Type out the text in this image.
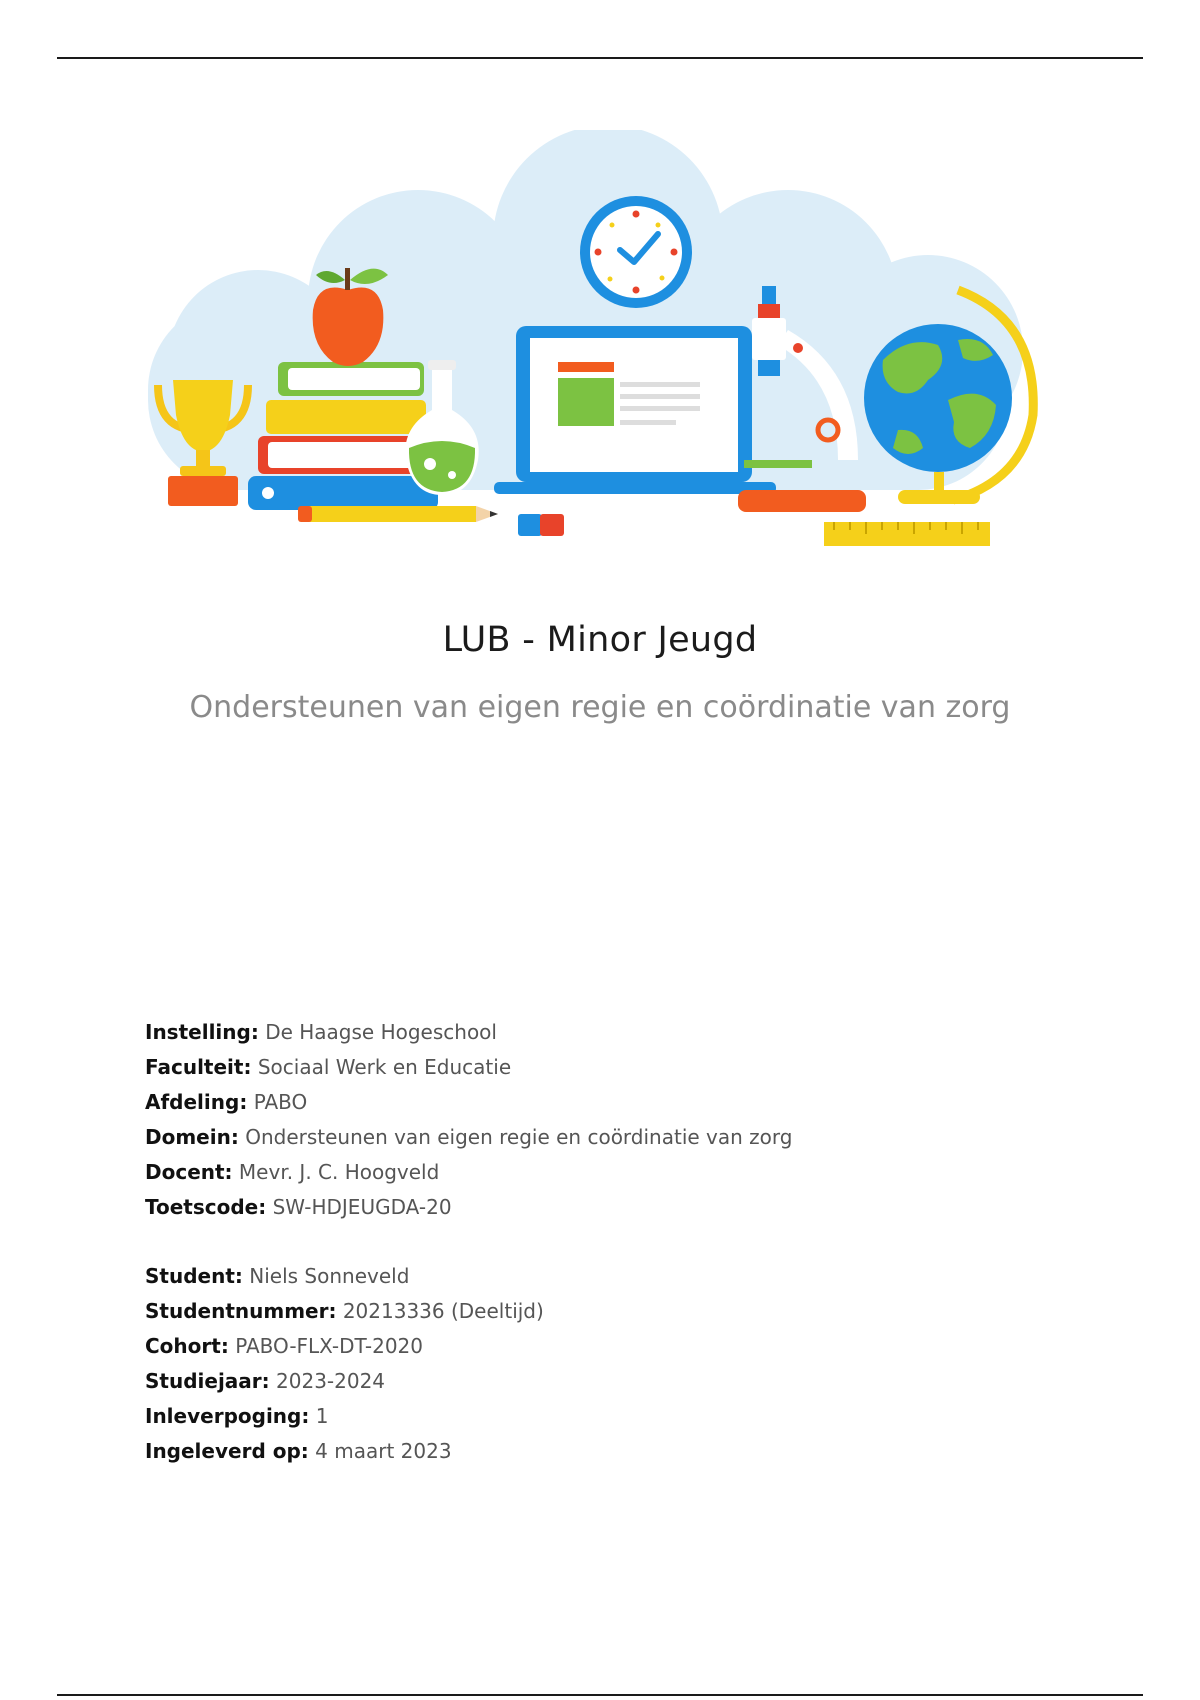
LUB - Minor Jeugd
Ondersteunen van eigen regie en coördinatie van zorg
Instelling: De Haagse Hogeschool
Faculteit: Sociaal Werk en Educatie
Afdeling: PABO
Domein: Ondersteunen van eigen regie en coördinatie van zorg
Docent: Mevr. J. C. Hoogveld
Toetscode: SW-HDJEUGDA-20
Student: Niels Sonneveld
Studentnummer: 20213336 (Deeltijd)
Cohort: PABO-FLX-DT-2020
Studiejaar: 2023-2024
Inleverpoging: 1
Ingeleverd op: 4 maart 2023
